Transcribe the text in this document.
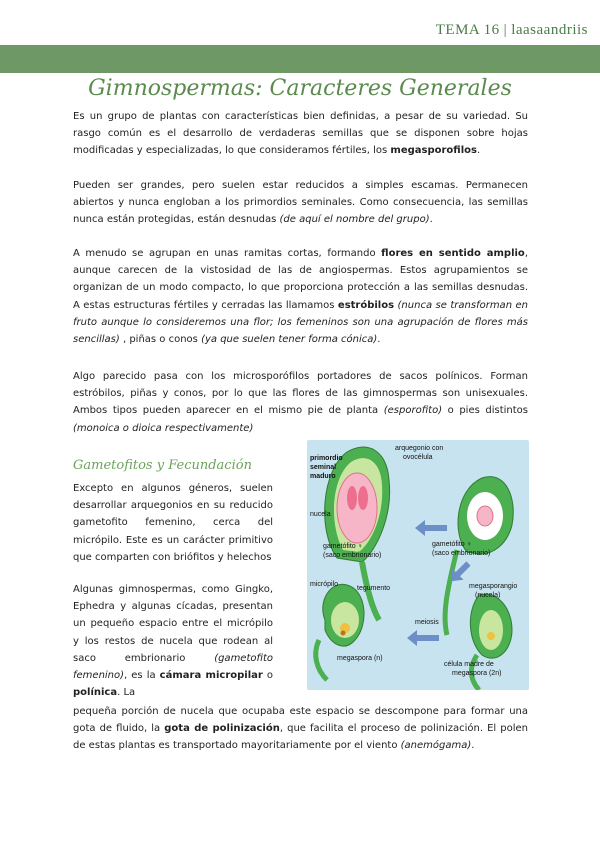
TEMA 16 | laasaandriis
Gimnospermas: Caracteres Generales

Es un grupo de plantas con características bien definidas, a pesar de su variedad. Su rasgo común es el desarrollo de verdaderas semillas que se disponen sobre hojas modificadas y especializadas, lo que consideramos fértiles, los megasporofilos.

Pueden ser grandes, pero suelen estar reducidos a simples escamas. Permanecen abiertos y nunca engloban a los primordios seminales. Como consecuencia, las semillas nunca están protegidas, están desnudas (de aquí el nombre del grupo).

A menudo se agrupan en unas ramitas cortas, formando flores en sentido amplio, aunque carecen de la vistosidad de las de angiospermas. Estos agrupamientos se organizan de un modo compacto, lo que proporciona protección a las semillas desnudas. A estas estructuras fértiles y cerradas las llamamos estróbilos (nunca se transforman en fruto aunque lo consideremos una flor; los femeninos son una agrupación de flores más sencillas) , piñas o conos (ya que suelen tener forma cónica).

Algo parecido pasa con los microsporófilos portadores de sacos polínicos. Forman estróbilos, piñas y conos, por lo que las flores de las gimnospermas son unisexuales. Ambos tipos pueden aparecer en el mismo pie de planta (esporofito) o pies distintos (monoica o dioica respectivamente)

Gametofitos y Fecundación

Excepto en algunos géneros, suelen desarrollar arquegonios en su reducido gametofito femenino, cerca del micrópilo. Este es un carácter primitivo que comparten con briófitos y helechos

Algunas gimnospermas, como Gingko, Ephedra y algunas cícadas, presentan un pequeño espacio entre el micrópilo y los restos de nucela que rodean al saco embrionario (gametofito femenino), es la cámara micropilar o polínica. La

pequeña porción de nucela que ocupaba este espacio se descompone para formar una gota de fluido, la gota de polinización, que facilita el proceso de polinización. El polen de estas plantas es transportado mayoritariamente por el viento (anemógama).

primordio
seminal
maduro
arquegonio con
ovocélula
nucela
gametófito ♀
(saco embrionario)
gametófito ♀
(saco embrionario)
micrópilo
tegumento	megasporangio
(nucela)
meiosis
megaspora (n)
célula madre de
megaspora (2n)
